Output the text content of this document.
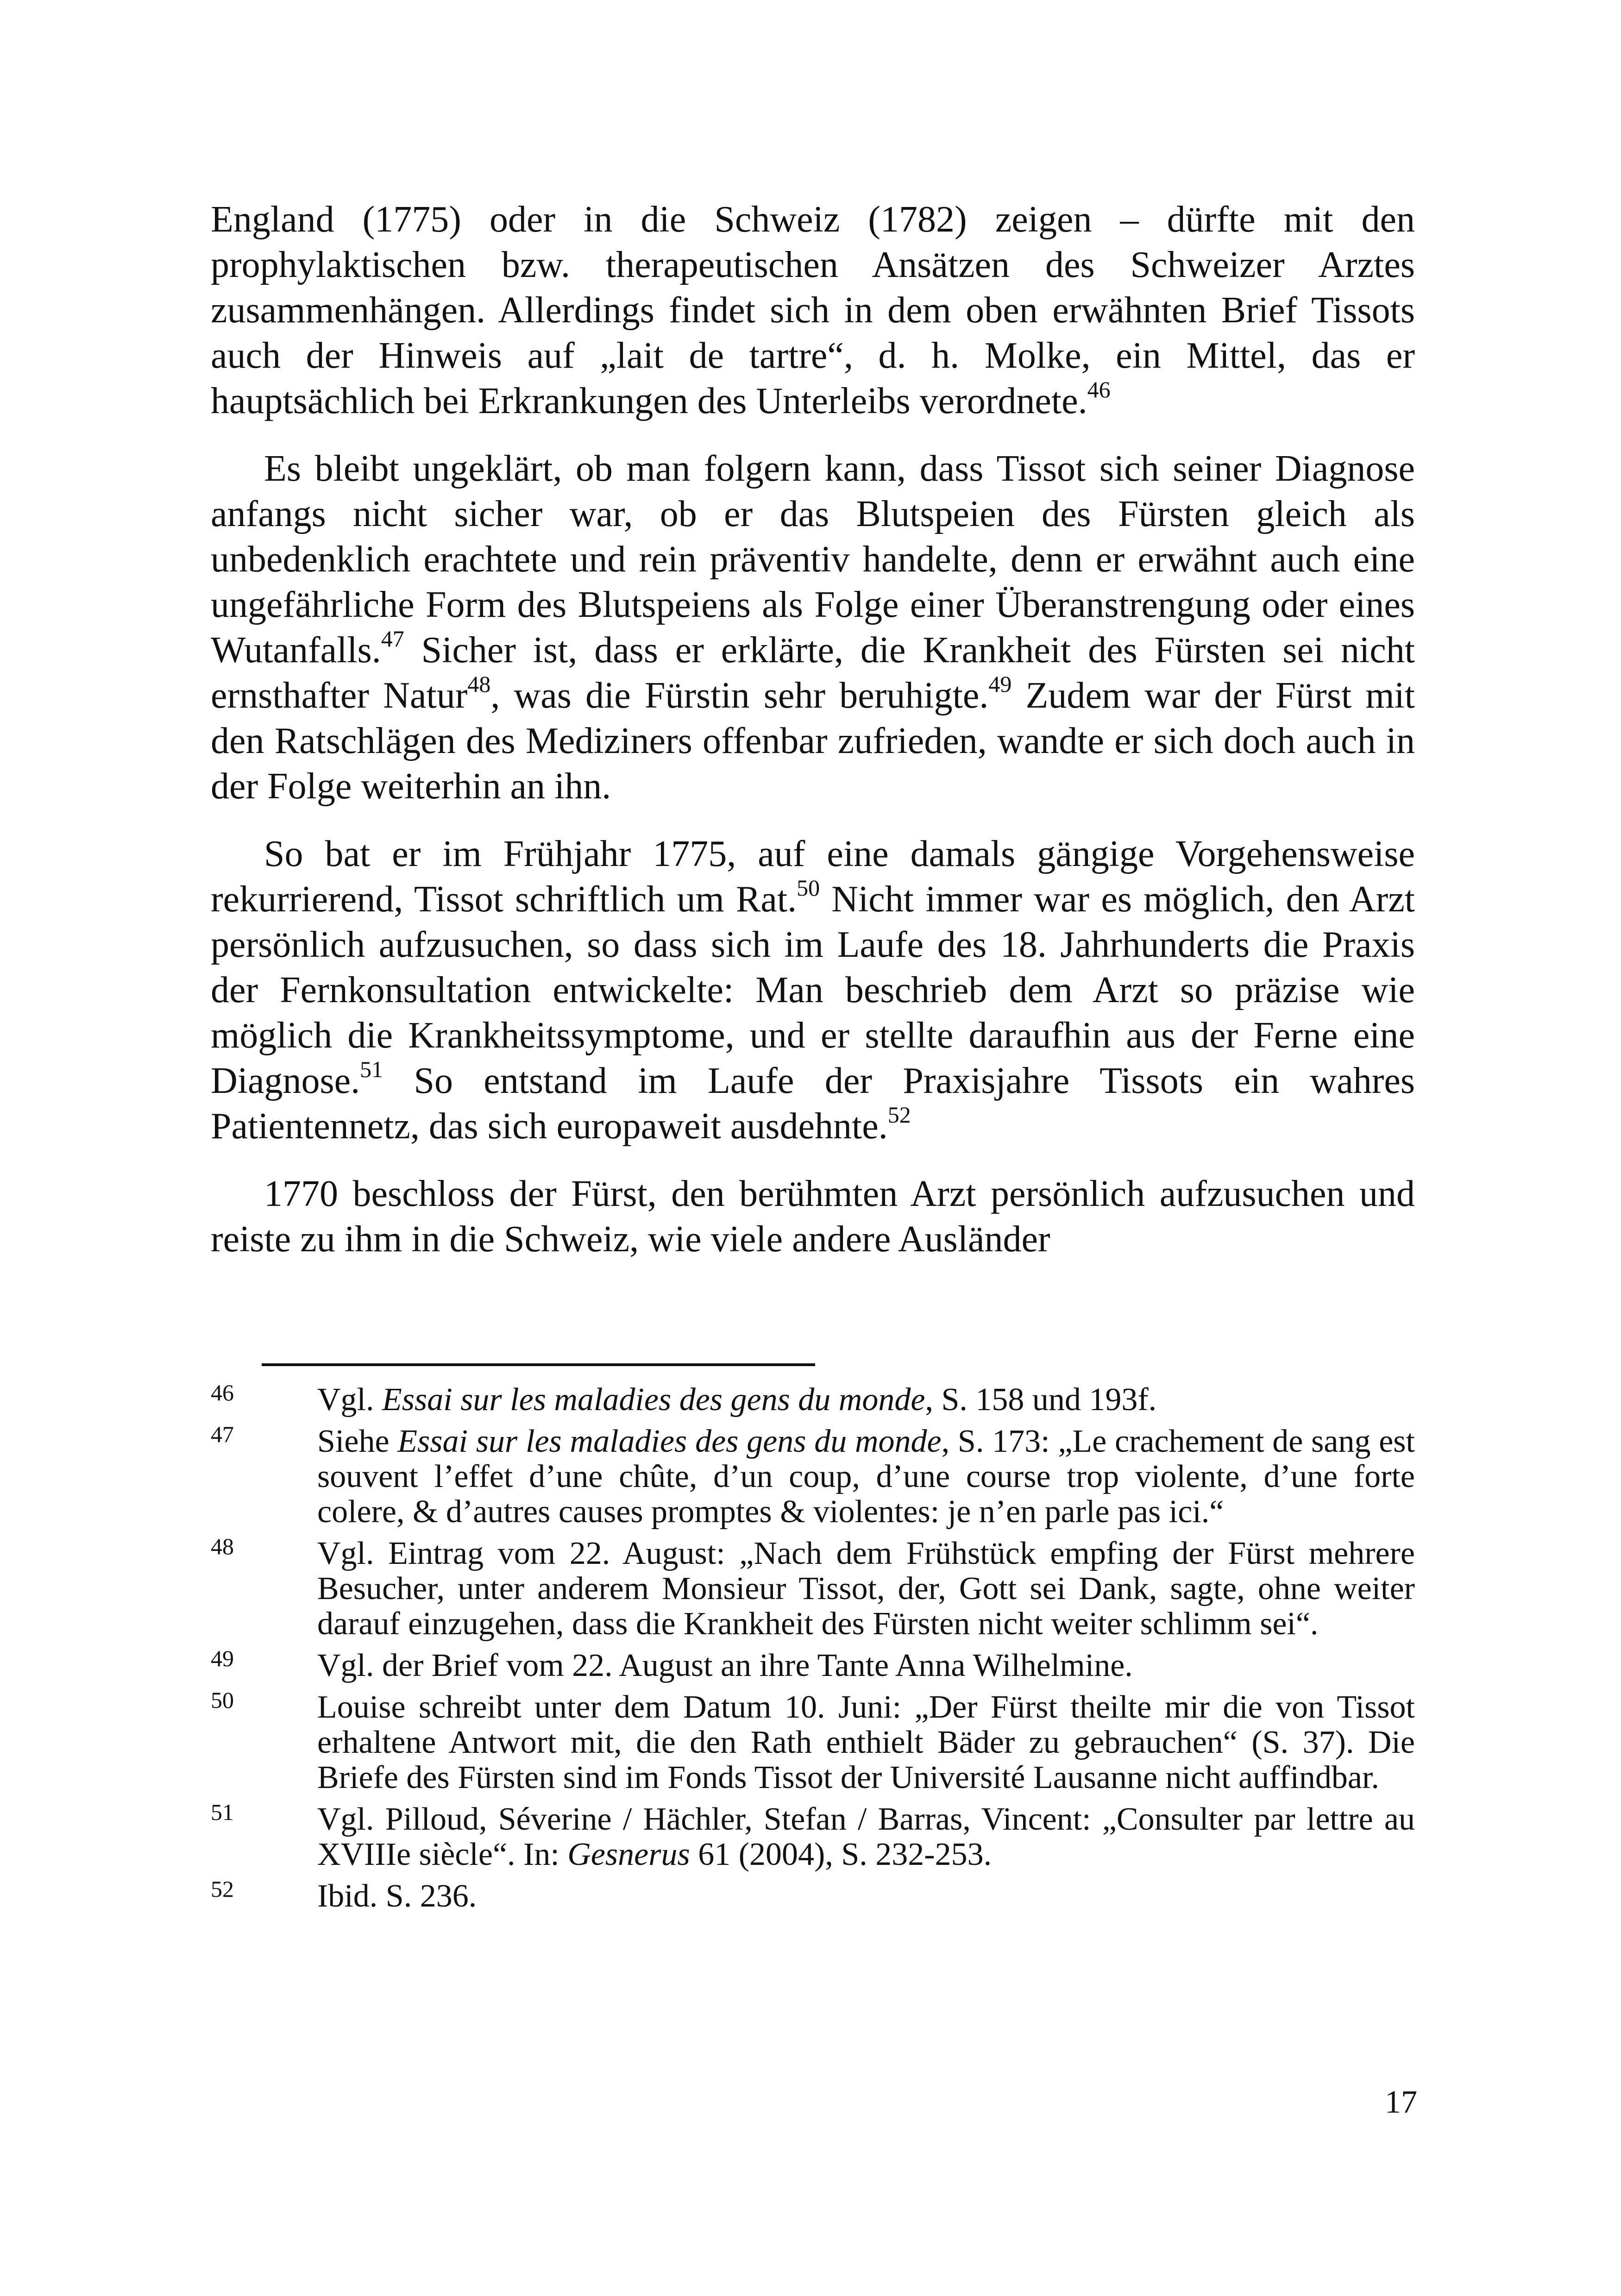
England (1775) oder in die Schweiz (1782) zeigen – dürfte mit den prophylaktischen bzw. therapeutischen Ansätzen des Schweizer Arztes zusammenhängen. Allerdings findet sich in dem oben erwähnten Brief Tissots auch der Hinweis auf „lait de tartre“, d. h. Molke, ein Mittel, das er hauptsächlich bei Erkrankungen des Unterleibs verordnete.$^{46}$

Es bleibt ungeklärt, ob man folgern kann, dass Tissot sich seiner Diagnose anfangs nicht sicher war, ob er das Blutspeien des Fürsten gleich als unbedenklich erachtete und rein präventiv handelte, denn er erwähnt auch eine ungefährliche Form des Blutspeiens als Folge einer Überanstrengung oder eines Wutanfalls.$^{47}$ Sicher ist, dass er erklärte, die Krankheit des Fürsten sei nicht ernsthafter Natur$^{48}$, was die Fürstin sehr beruhigte.$^{49}$ Zudem war der Fürst mit den Ratschlägen des Mediziners offenbar zufrieden, wandte er sich doch auch in der Folge weiterhin an ihn.

So bat er im Frühjahr 1775, auf eine damals gängige Vorgehensweise rekurrierend, Tissot schriftlich um Rat.$^{50}$ Nicht immer war es möglich, den Arzt persönlich aufzusuchen, so dass sich im Laufe des 18. Jahrhunderts die Praxis der Fernkonsultation entwickelte: Man beschrieb dem Arzt so präzise wie möglich die Krankheitssymptome, und er stellte daraufhin aus der Ferne eine Diagnose.$^{51}$ So entstand im Laufe der Praxisjahre Tissots ein wahres Patientennetz, das sich europaweit ausdehnte.$^{52}$

1770 beschloss der Fürst, den berühmten Arzt persönlich aufzusuchen und reiste zu ihm in die Schweiz, wie viele andere Ausländer

46	Vgl. Essai sur les maladies des gens du monde, S. 158 und 193f.
47	Siehe Essai sur les maladies des gens du monde, S. 173: „Le crachement de sang est souvent l’effet d’une chûte, d’un coup, d’une course trop violente, d’une forte colere, & d’autres causes promptes & violentes: je n’en parle pas ici.“
48	Vgl. Eintrag vom 22. August: „Nach dem Frühstück empfing der Fürst mehrere Besucher, unter anderem Monsieur Tissot, der, Gott sei Dank, sagte, ohne weiter darauf einzugehen, dass die Krankheit des Fürsten nicht weiter schlimm sei“.
49	Vgl. der Brief vom 22. August an ihre Tante Anna Wilhelmine.
50	Louise schreibt unter dem Datum 10. Juni: „Der Fürst theilte mir die von Tissot erhaltene Antwort mit, die den Rath enthielt Bäder zu gebrauchen“ (S. 37). Die Briefe des Fürsten sind im Fonds Tissot der Université Lausanne nicht auffindbar.
51	Vgl. Pilloud, Séverine / Hächler, Stefan / Barras, Vincent: „Consulter par lettre au XVIIIe siècle“. In: Gesnerus 61 (2004), S. 232-253.
52	Ibid. S. 236.
17
